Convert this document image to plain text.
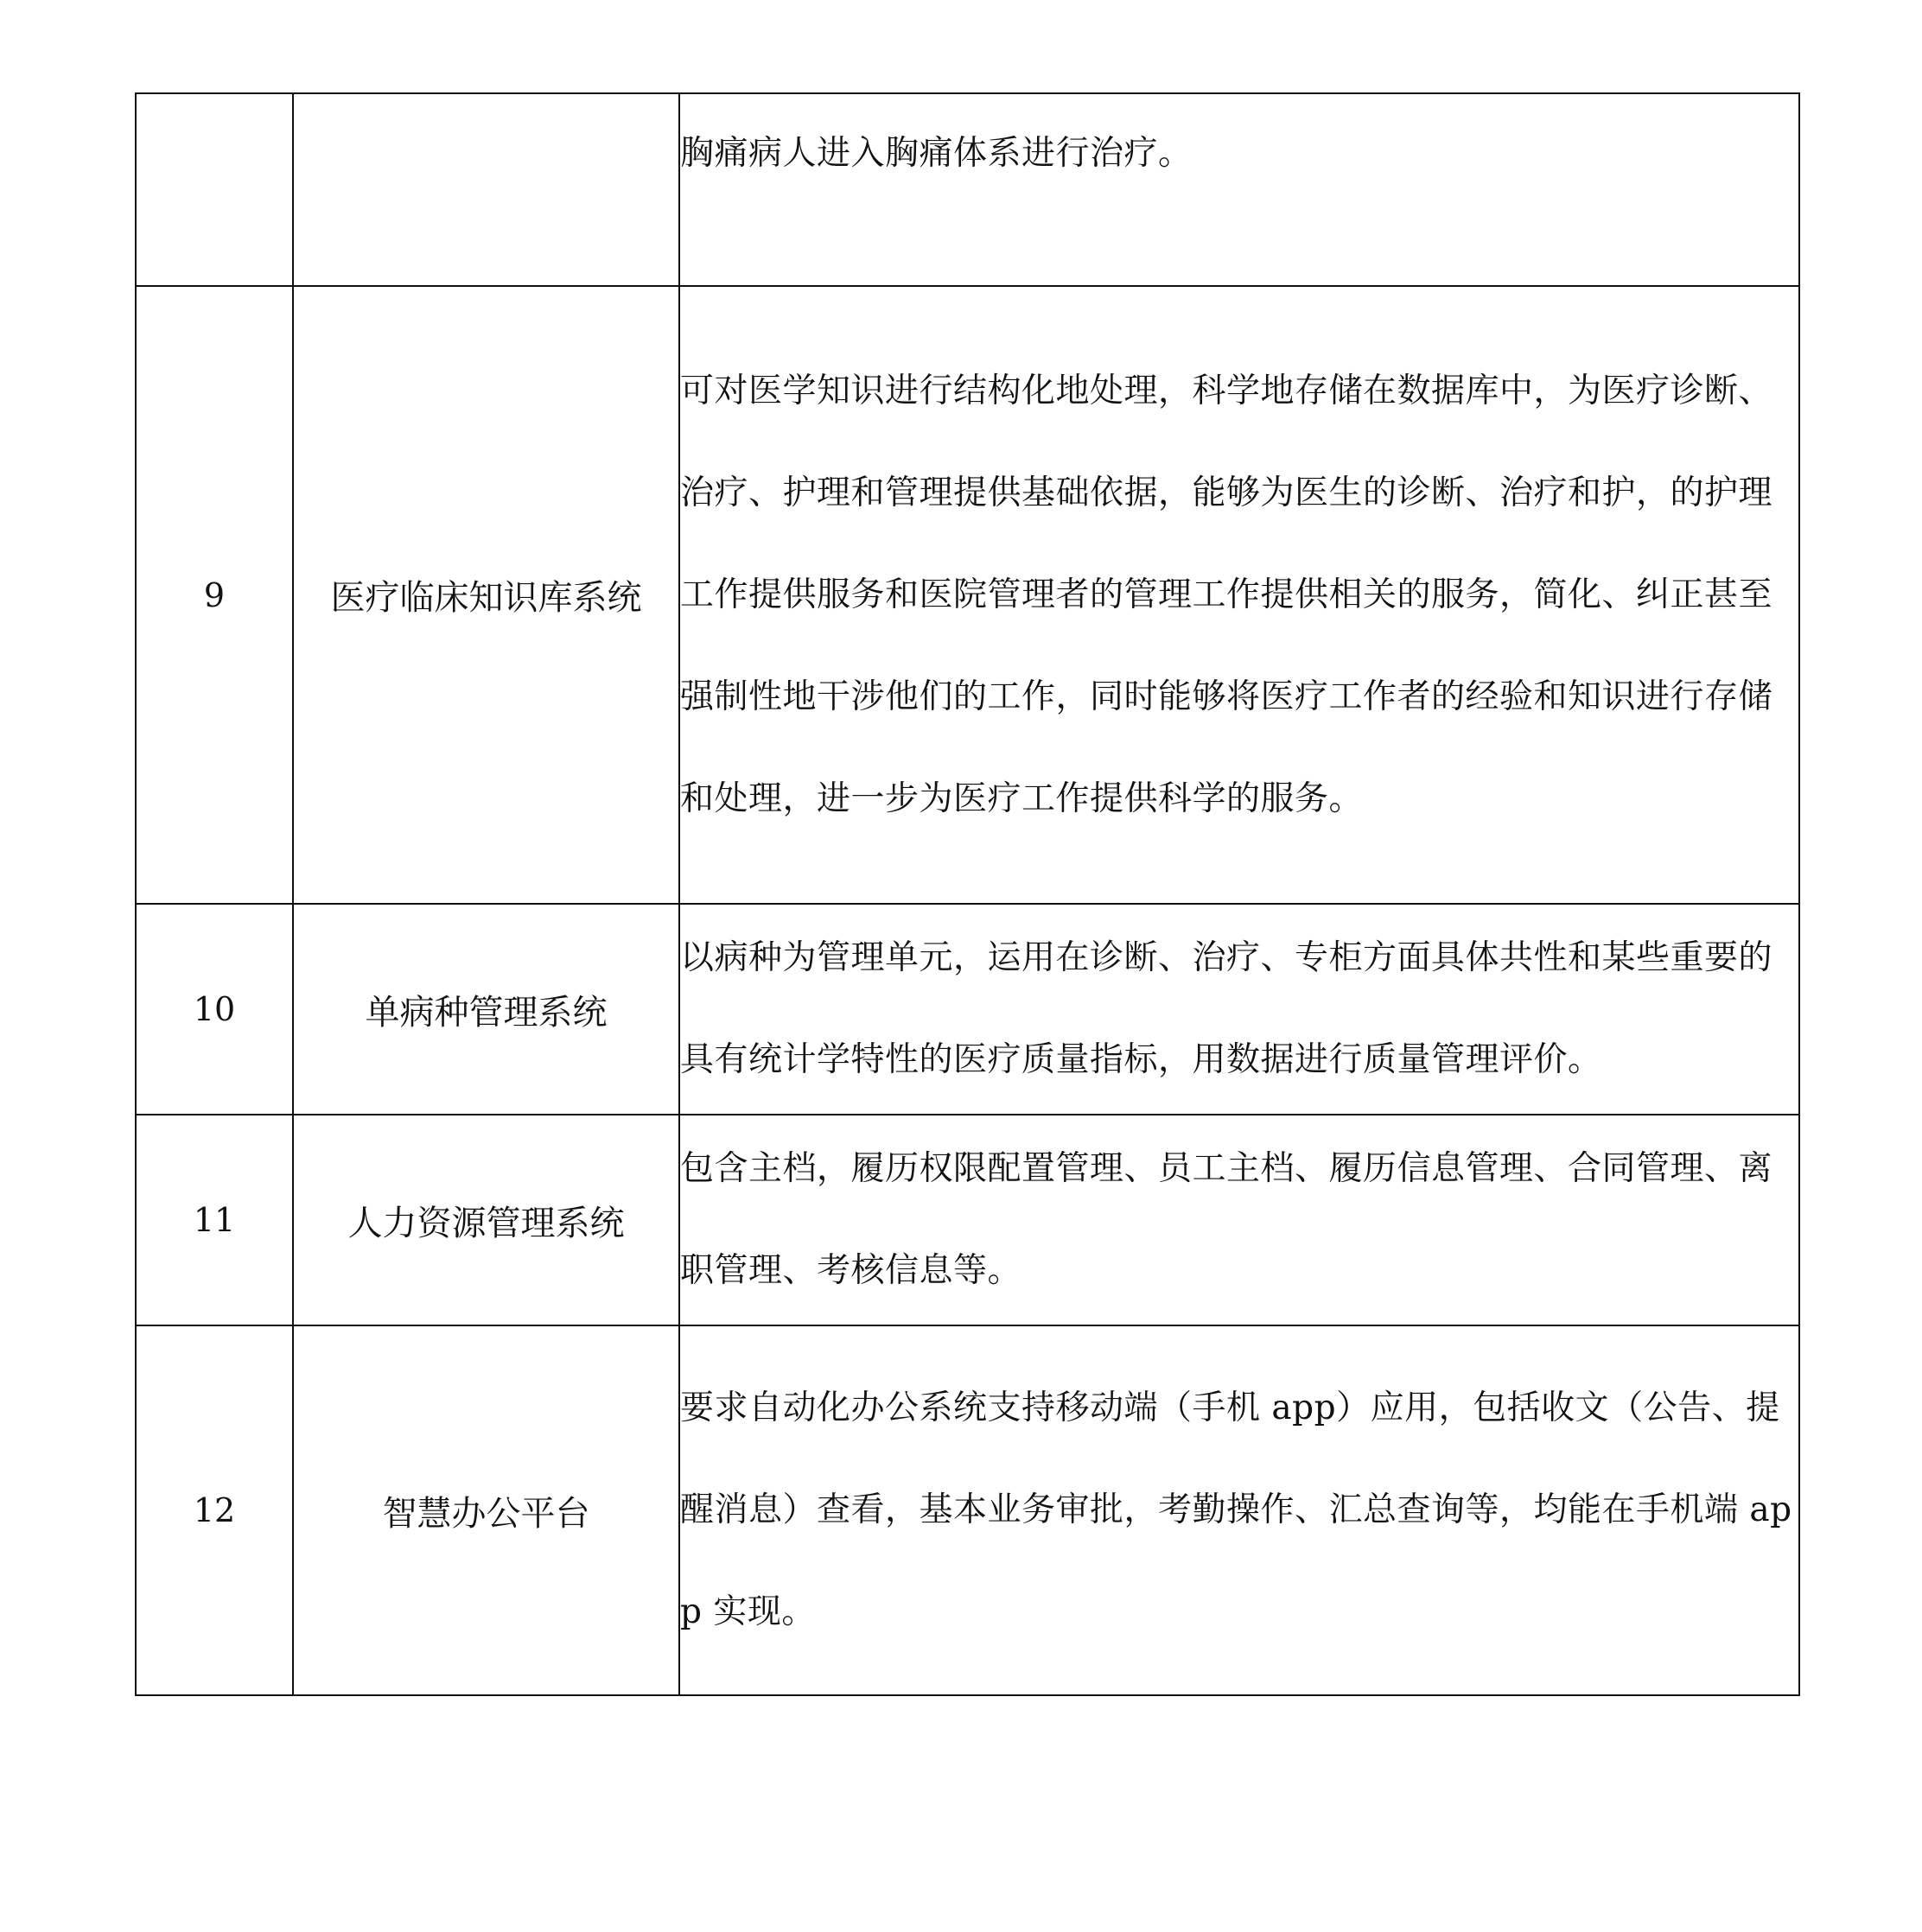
		胸痛病人进入胸痛体系进行治疗。

9	医疗临床知识库系统	可对医学知识进行结构化地处理，科学地存储在数据库中，为医疗诊断、治疗、护理和管理提供基础依据，能够为医生的诊断、治疗和护，的护理工作提供服务和医院管理者的管理工作提供相关的服务，简化、纠正甚至强制性地干涉他们的工作，同时能够将医疗工作者的经验和知识进行存储和处理，进一步为医疗工作提供科学的服务。

10	单病种管理系统	以病种为管理单元，运用在诊断、治疗、专柜方面具体共性和某些重要的具有统计学特性的医疗质量指标，用数据进行质量管理评价。

11	人力资源管理系统	包含主档，履历权限配置管理、员工主档、履历信息管理、合同管理、离职管理、考核信息等。

12	智慧办公平台	要求自动化办公系统支持移动端（手机 app）应用，包括收文（公告、提醒消息）查看，基本业务审批，考勤操作、汇总查询等，均能在手机端 app 实现。
